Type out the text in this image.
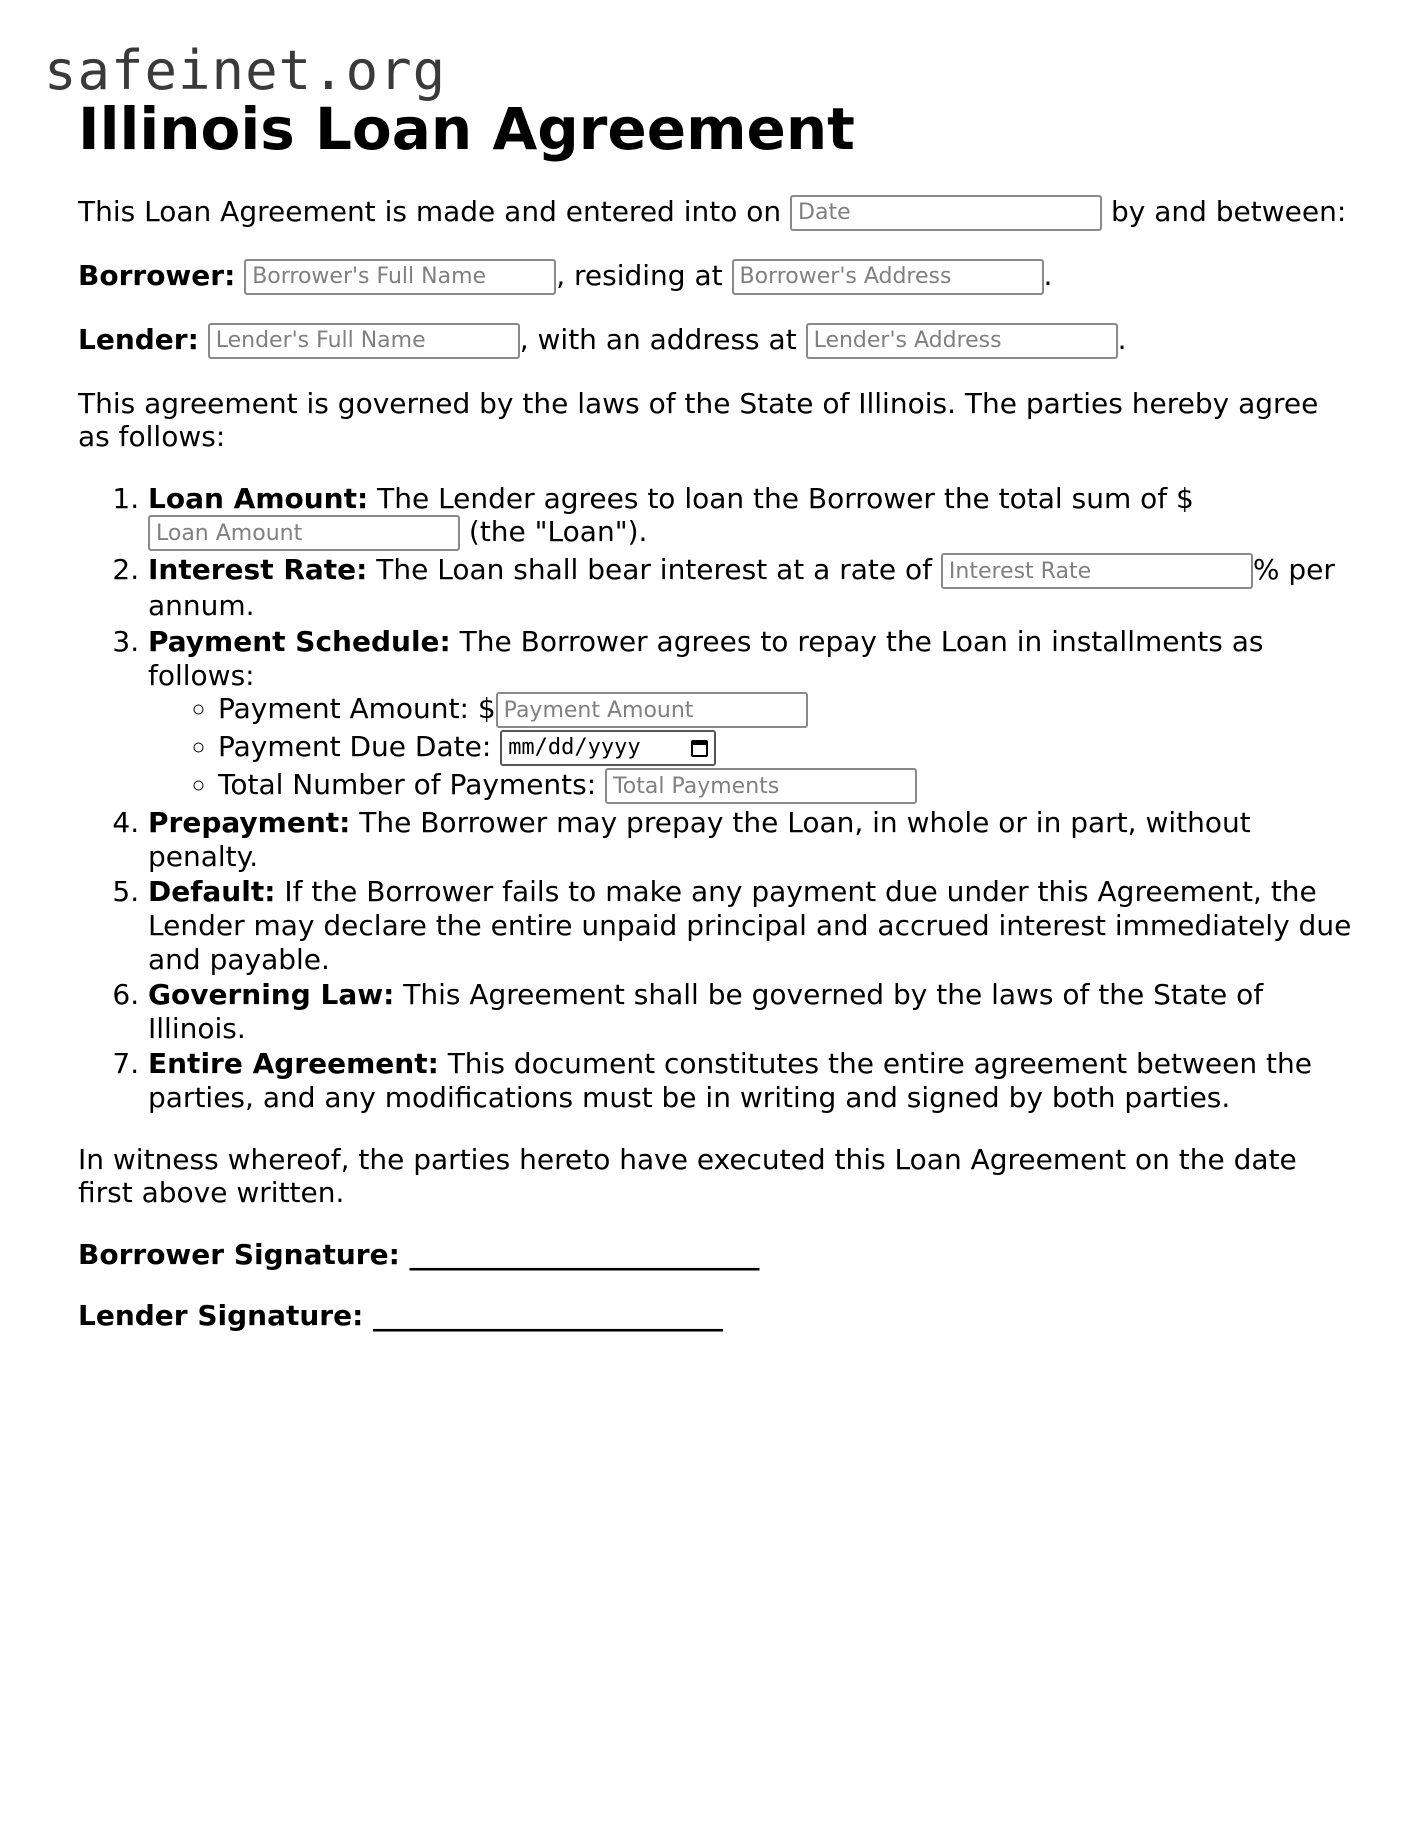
safeinet.org
Illinois Loan Agreement

This Loan Agreement is made and entered into on Date	by and between:

Borrower: Borrower's Full Name	, residing at Borrower's Address	.

Lender: Lender's Full Name	, with an address at Lender's Address	.

This agreement is governed by the laws of the State of Illinois. The parties hereby agree as follows:

1. Loan Amount: The Lender agrees to loan the Borrower the total sum of $ Loan Amount (the "Loan").
2. Interest Rate: The Loan shall bear interest at a rate of Interest Rate	% per annum.
3. Payment Schedule: The Borrower agrees to repay the Loan in installments as follows:
◦ Payment Amount: $Payment Amount
◦ Payment Due Date: mm/dd/yyyy
◦ Total Number of Payments: Total Payments
4. Prepayment: The Borrower may prepay the Loan, in whole or in part, without penalty.
5. Default: If the Borrower fails to make any payment due under this Agreement, the Lender may declare the entire unpaid principal and accrued interest immediately due and payable.
6. Governing Law: This Agreement shall be governed by the laws of the State of Illinois.
7. Entire Agreement: This document constitutes the entire agreement between the parties, and any modifications must be in writing and signed by both parties.

In witness whereof, the parties hereto have executed this Loan Agreement on the date first above written.

Borrower Signature: _________________________

Lender Signature: _________________________
